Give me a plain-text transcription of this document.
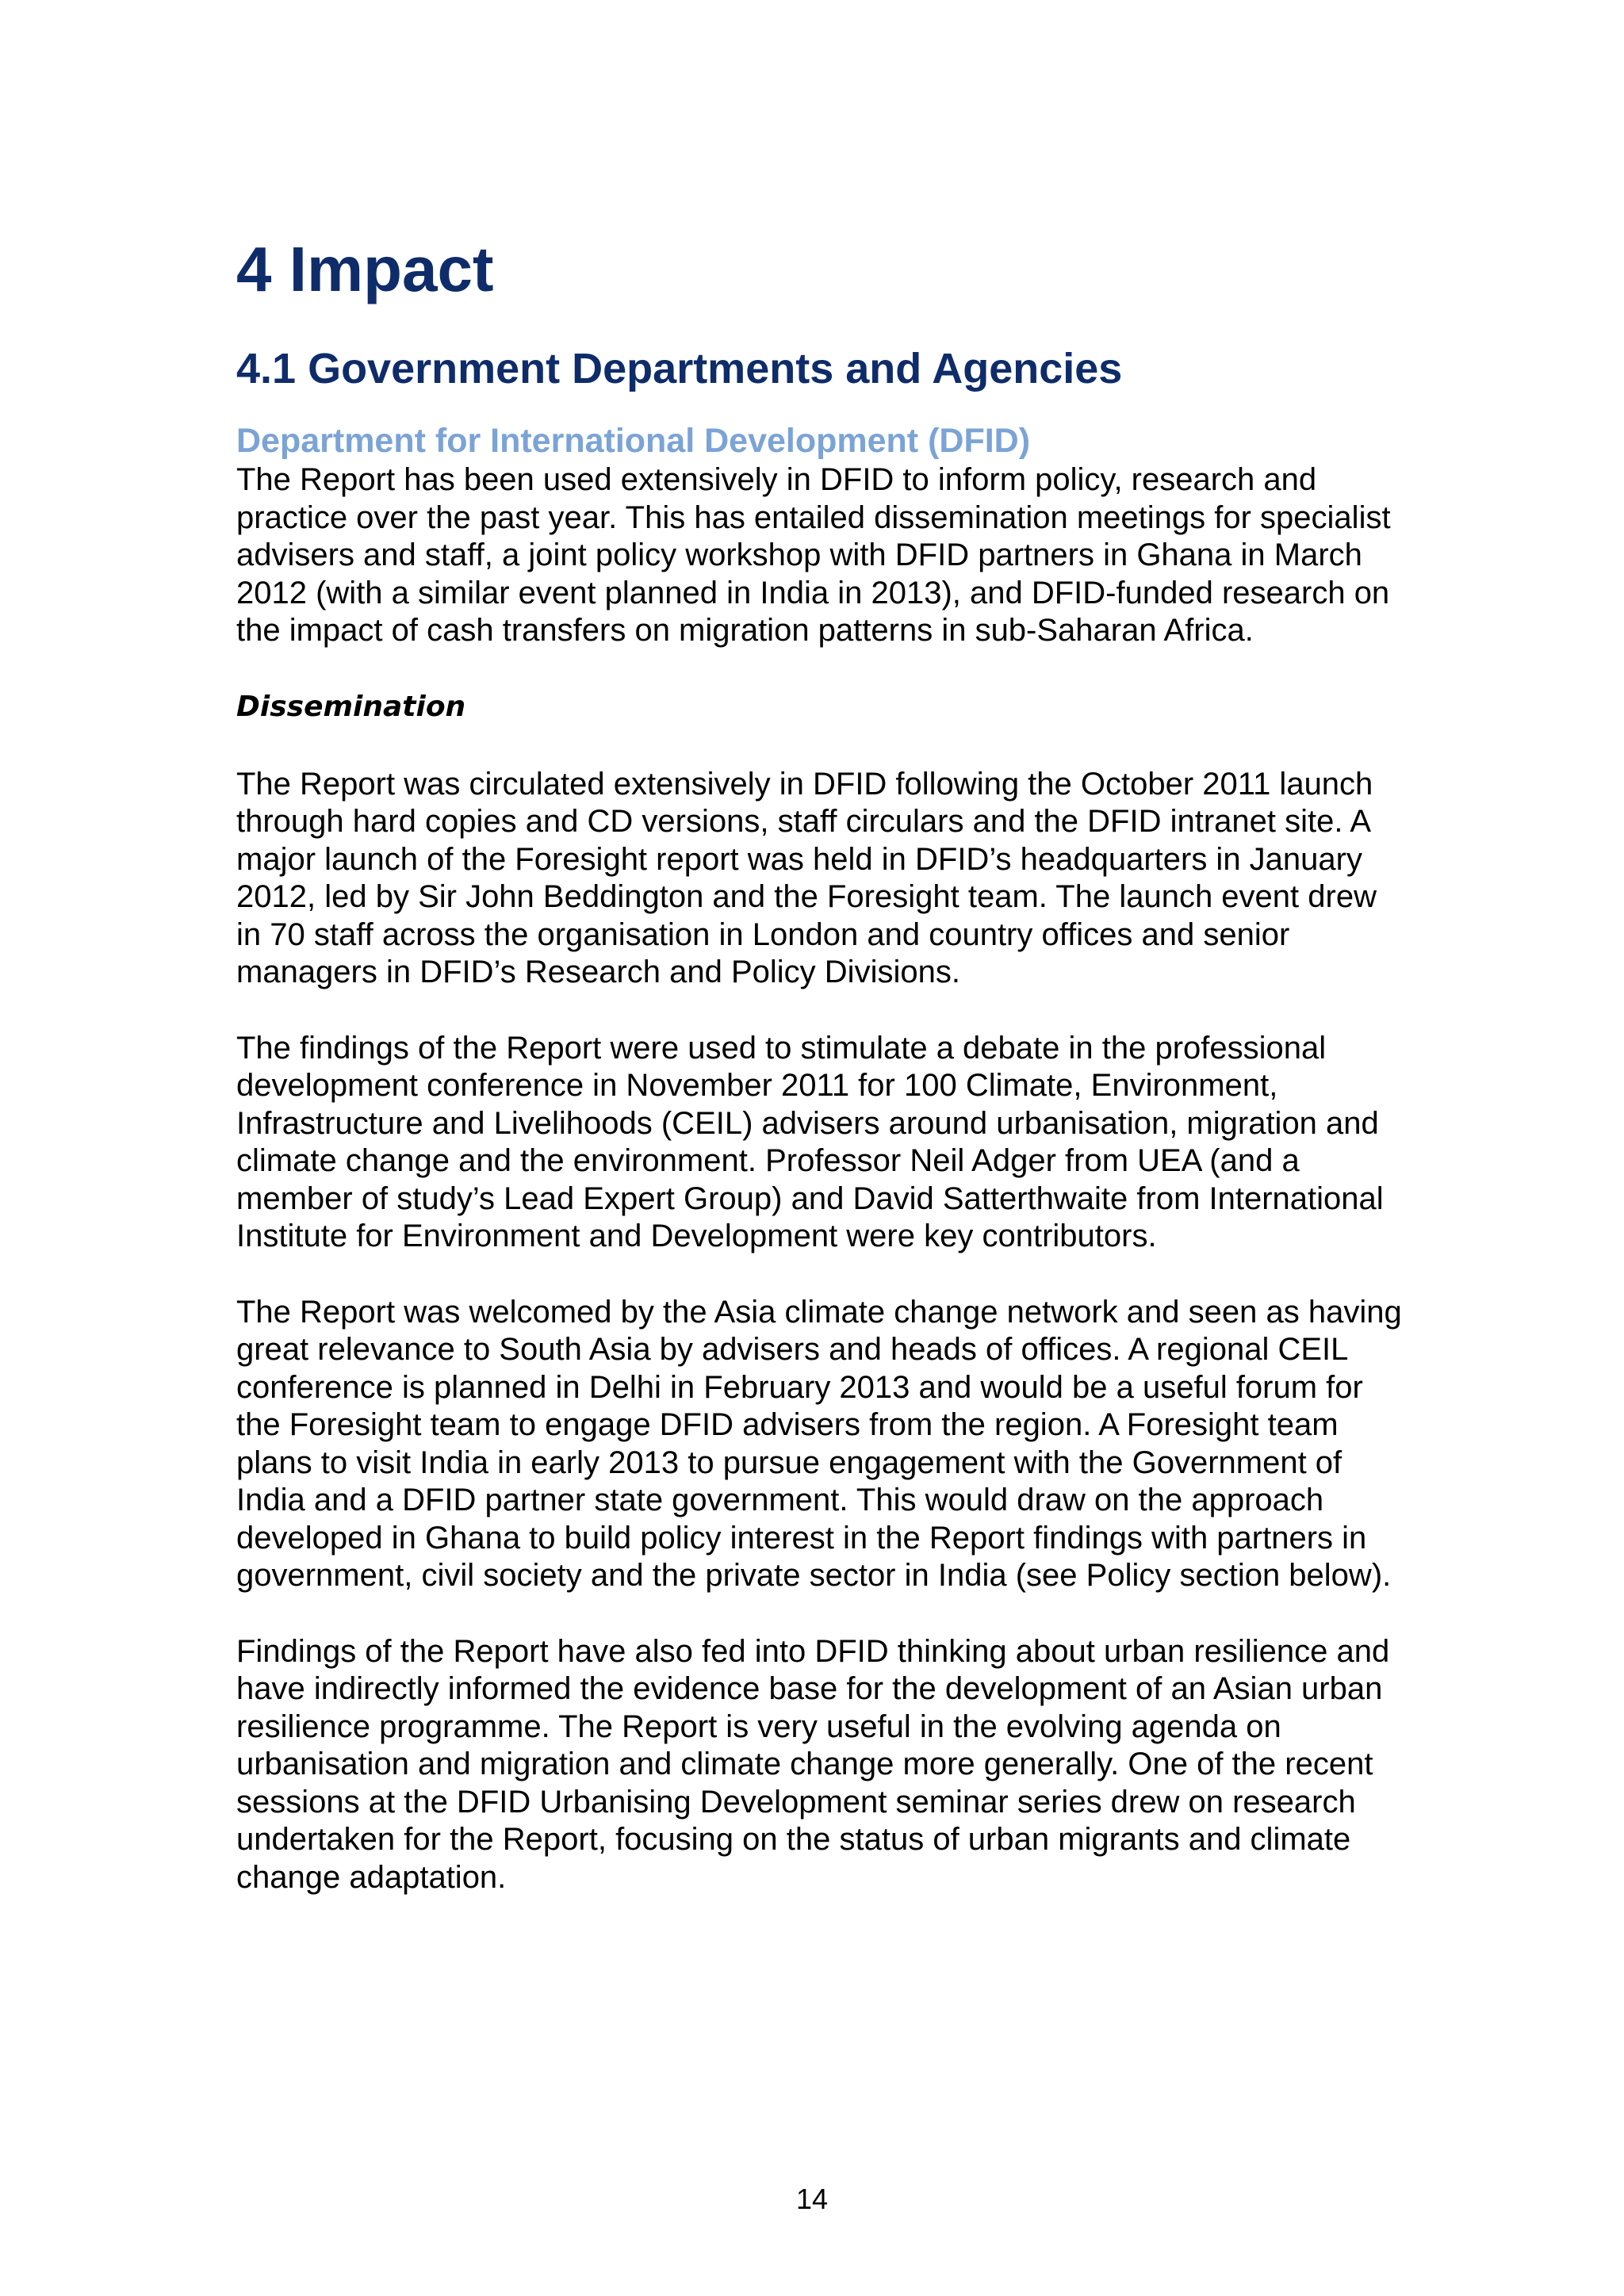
4 Impact
4.1 Government Departments and Agencies
Department for International Development (DFID)

The Report has been used extensively in DFID to inform policy, research and practice over the past year. This has entailed dissemination meetings for specialist advisers and staff, a joint policy workshop with DFID partners in Ghana in March 2012 (with a similar event planned in India in 2013), and DFID-funded research on the impact of cash transfers on migration patterns in sub-Saharan Africa.

Dissemination

The Report was circulated extensively in DFID following the October 2011 launch through hard copies and CD versions, staff circulars and the DFID intranet site. A major launch of the Foresight report was held in DFID’s headquarters in January 2012, led by Sir John Beddington and the Foresight team. The launch event drew in 70 staff across the organisation in London and country offices and senior managers in DFID’s Research and Policy Divisions.

The findings of the Report were used to stimulate a debate in the professional development conference in November 2011 for 100 Climate, Environment, Infrastructure and Livelihoods (CEIL) advisers around urbanisation, migration and climate change and the environment. Professor Neil Adger from UEA (and a member of study’s Lead Expert Group) and David Satterthwaite from International Institute for Environment and Development were key contributors.

The Report was welcomed by the Asia climate change network and seen as having great relevance to South Asia by advisers and heads of offices. A regional CEIL conference is planned in Delhi in February 2013 and would be a useful forum for the Foresight team to engage DFID advisers from the region. A Foresight team plans to visit India in early 2013 to pursue engagement with the Government of India and a DFID partner state government. This would draw on the approach developed in Ghana to build policy interest in the Report findings with partners in government, civil society and the private sector in India (see Policy section below).

Findings of the Report have also fed into DFID thinking about urban resilience and have indirectly informed the evidence base for the development of an Asian urban resilience programme. The Report is very useful in the evolving agenda on urbanisation and migration and climate change more generally. One of the recent sessions at the DFID Urbanising Development seminar series drew on research undertaken for the Report, focusing on the status of urban migrants and climate change adaptation.

14
